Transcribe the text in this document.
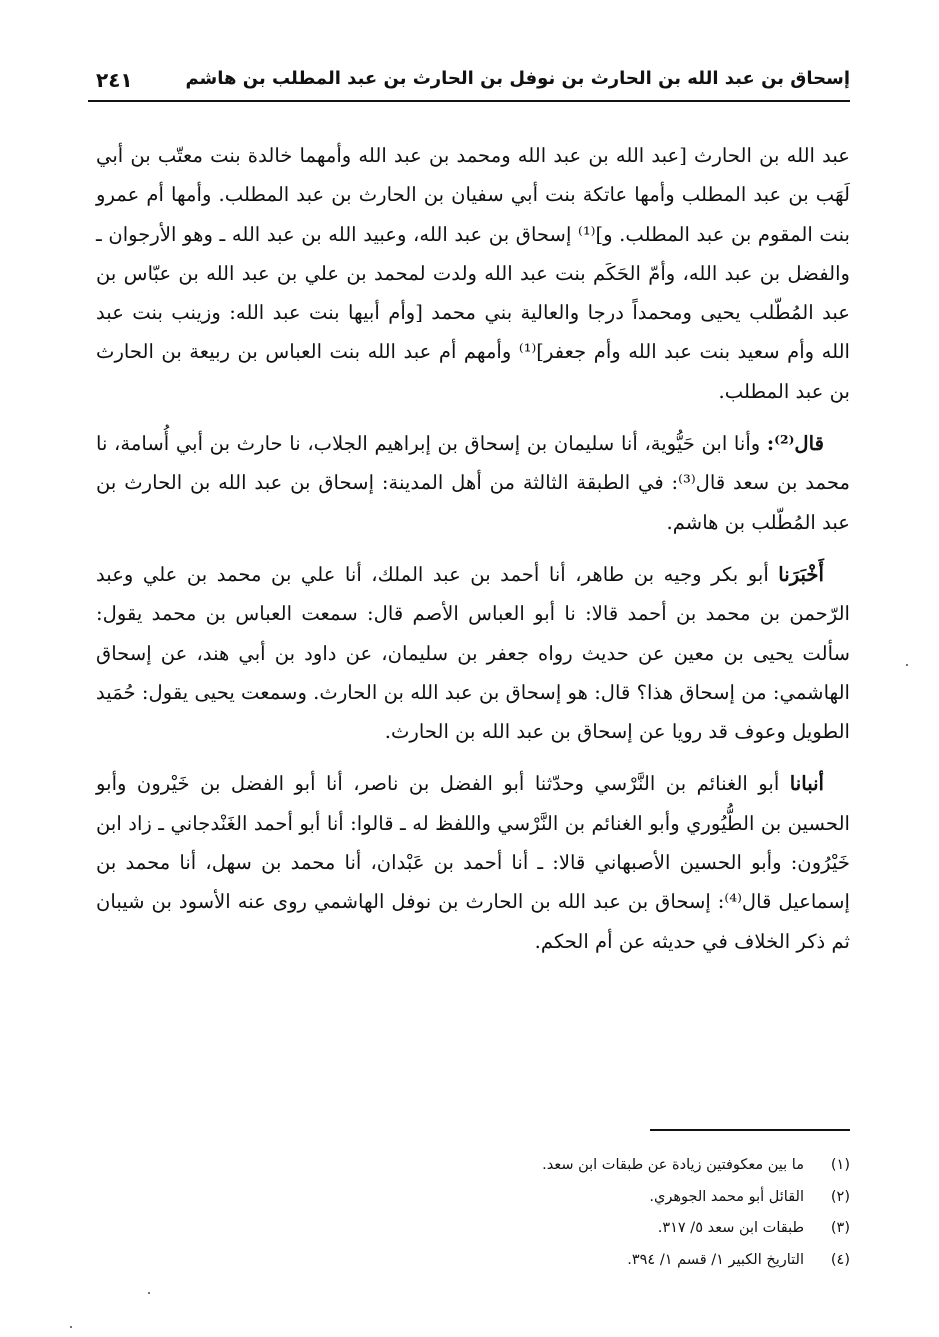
إسحاق بن عبد الله بن الحارث بن نوفل بن الحارث بن عبد المطلب بن هاشم
٢٤١

عبد الله بن الحارث [عبد الله بن عبد الله ومحمد بن عبد الله وأمهما خالدة بنت معتّب بن أبي لَهَب بن عبد المطلب وأمها عاتكة بنت أبي سفيان بن الحارث بن عبد المطلب. وأمها أم عمرو بنت المقوم بن عبد المطلب. و]⁽¹⁾ إسحاق بن عبد الله، وعبيد الله بن عبد الله ـ وهو الأرجوان ـ والفضل بن عبد الله، وأمّ الحَكَم بنت عبد الله ولدت لمحمد بن علي بن عبد الله بن عبّاس بن عبد المُطّلب يحيى ومحمداً درجا والعالية بني محمد [وأم أبيها بنت عبد الله: وزينب بنت عبد الله وأم سعيد بنت عبد الله وأم جعفر]⁽¹⁾ وأمهم أم عبد الله بنت العباس بن ربيعة بن الحارث بن عبد المطلب.

قال⁽²⁾: وأنا ابن حَيُّوية، أنا سليمان بن إسحاق بن إبراهيم الجلاب، نا حارث بن أبي أُسامة، نا محمد بن سعد قال⁽³⁾: في الطبقة الثالثة من أهل المدينة: إسحاق بن عبد الله بن الحارث بن عبد المُطّلب بن هاشم.

أَخْبَرَنا أبو بكر وجيه بن طاهر، أنا أحمد بن عبد الملك، أنا علي بن محمد بن علي وعبد الرّحمن بن محمد بن أحمد قالا: نا أبو العباس الأصم قال: سمعت العباس بن محمد يقول: سألت يحيى بن معين عن حديث رواه جعفر بن سليمان، عن داود بن أبي هند، عن إسحاق الهاشمي: من إسحاق هذا؟ قال: هو إسحاق بن عبد الله بن الحارث. وسمعت يحيى يقول: حُمَيد الطويل وعوف قد رويا عن إسحاق بن عبد الله بن الحارث.

أنبانا أبو الغنائم بن النَّرْسي وحدّثنا أبو الفضل بن ناصر، أنا أبو الفضل بن خَيْرون وأبو الحسين بن الطُّيُوري وأبو الغنائم بن النَّرْسي واللفظ له ـ قالوا: أنا أبو أحمد الغَنْدجاني ـ زاد ابن خَيْرُون: وأبو الحسين الأصبهاني قالا: ـ أنا أحمد بن عَبْدان، أنا محمد بن سهل، أنا محمد بن إسماعيل قال⁽⁴⁾: إسحاق بن عبد الله بن الحارث بن نوفل الهاشمي روى عنه الأسود بن شيبان ثم ذكر الخلاف في حديثه عن أم الحكم.

(١)
ما بين معكوفتين زيادة عن طبقات ابن سعد.
(٢)
القائل أبو محمد الجوهري.
(٣)
طبقات ابن سعد ٥/ ٣١٧.
(٤)
التاريخ الكبير ١/ قسم ١/ ٣٩٤.
